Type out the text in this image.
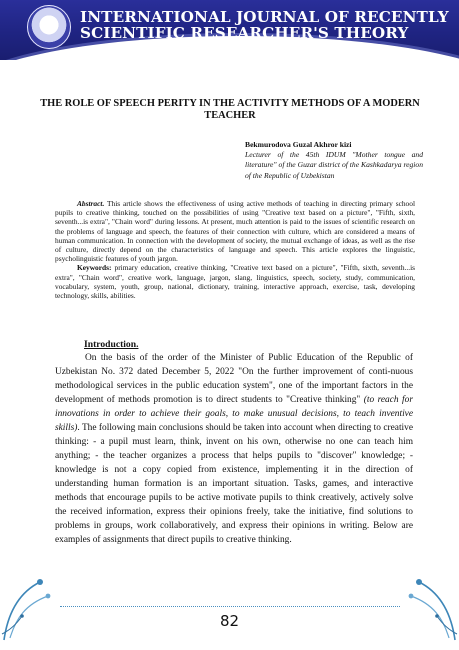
INTERNATIONAL JOURNAL OF RECENTLY
SCIENTIFIC RESEARCHER'S THEORY
THE ROLE OF SPEECH PERITY IN THE ACTIVITY METHODS OF A MODERN TEACHER
Bekmurodova Guzal Akhror kizi
Lecturer of the 45th IDUM "Mother tongue and literature" of the Guzar district of the Kashkadarya region of the Republic of Uzbekistan

Abstract. This article shows the effectiveness of using active methods of teaching in directing primary school pupils to creative thinking, touched on the possibilities of using "Creative text based on a picture", "Fifth, sixth, seventh...is extra", "Chain word" during lessons. At present, much attention is paid to the issues of scientific research on the problems of language and speech, the features of their connection with culture, which are considered a means of human communication. In connection with the development of society, the mutual exchange of ideas, as well as the rise of culture, directly depend on the characteristics of language and speech. This article explores the linguistic, psycholinguistic features of youth jargon.

Keywords: primary education, creative thinking, "Creative text based on a picture", "Fifth, sixth, seventh...is extra", "Chain word", creative work, language, jargon, slang, linguistics, speech, society, study, communication, vocabulary, system, youth, group, national, dictionary, training, interactive approach, exercise, task, developing technology, skills, abilities.

Introduction.

On the basis of the order of the Minister of Public Education of the Republic of Uzbekistan No. 372 dated December 5, 2022 "On the further improvement of conti-nuous methodological services in the public education system", one of the important factors in the development of methods promotion is to direct students to "Creative thinking" (to reach for innovations in order to achieve their goals, to make unusual decisions, to teach inventive skills). The following main conclusions should be taken into account when directing to creative thinking: - a pupil must learn, think, invent on his own, otherwise no one can teach him anything; - the teacher organizes a process that helps pupils to "discover" knowledge; - knowledge is not a copy copied from existence, implementing it in the direction of understanding human formation is an important situation. Tasks, games, and interactive methods that encourage pupils to be active motivate pupils to think creatively, actively solve the received information, express their opinions freely, take the initiative, find solutions to problems in groups, work collaboratively, and express their opinions in writing. Below are examples of assignments that direct pupils to creative thinking.

82
